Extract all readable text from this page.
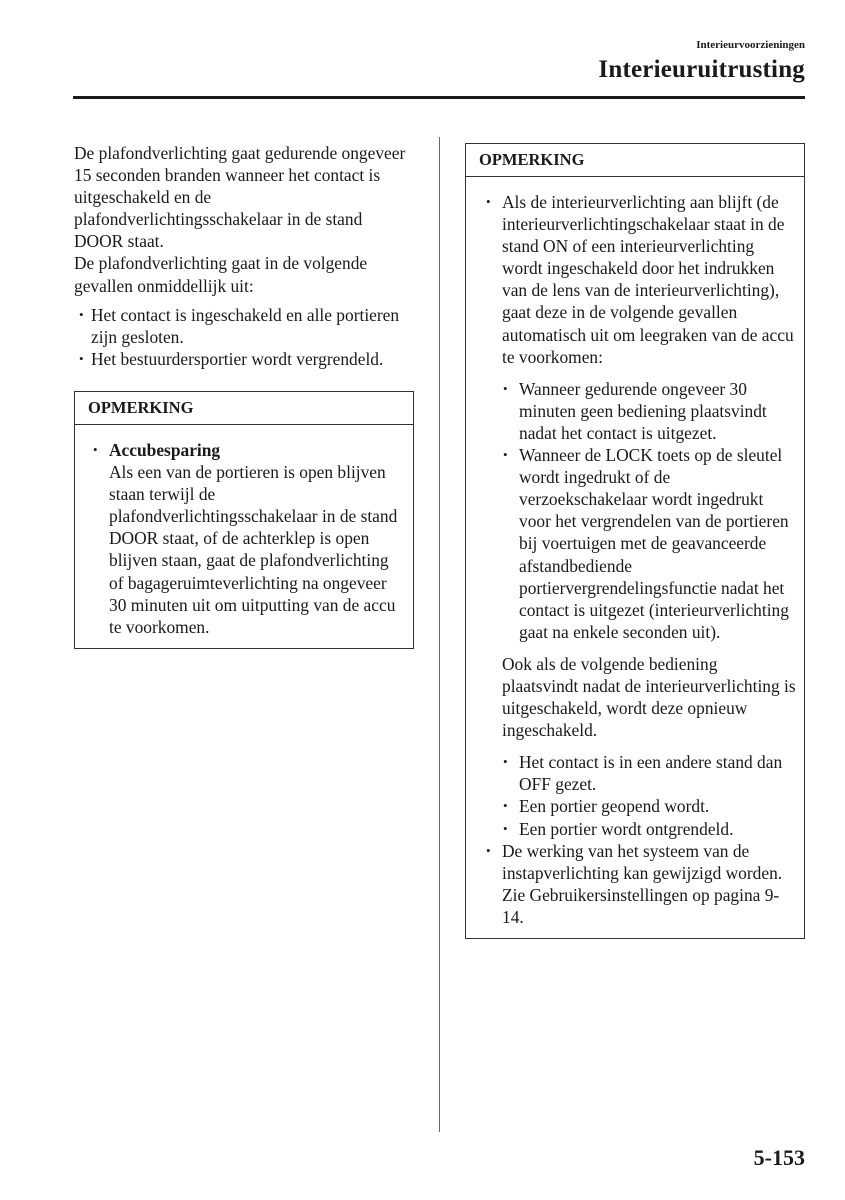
Interieurvoorzieningen
Interieuruitrusting

De plafondverlichting gaat gedurende ongeveer 15 seconden branden wanneer het contact is uitgeschakeld en de plafondverlichtingsschakelaar in de stand DOOR staat.

De plafondverlichting gaat in de volgende gevallen onmiddellijk uit:

• Het contact is ingeschakeld en alle portieren zijn gesloten.
• Het bestuurdersportier wordt vergrendeld.
OPMERKING
• Accubesparing
Als een van de portieren is open blijven staan terwijl de plafondverlichtingsschakelaar in de stand DOOR staat, of de achterklep is open blijven staan, gaat de plafondverlichting of bagageruimteverlichting na ongeveer 30 minuten uit om uitputting van de accu te voorkomen.
OPMERKING
• Als de interieurverlichting aan blijft (de interieurverlichtingschakelaar staat in de stand ON of een interieurverlichting wordt ingeschakeld door het indrukken van de lens van de interieurverlichting), gaat deze in de volgende gevallen automatisch uit om leegraken van de accu te voorkomen:
• Wanneer gedurende ongeveer 30 minuten geen bediening plaatsvindt nadat het contact is uitgezet.
• Wanneer de LOCK toets op de sleutel wordt ingedrukt of de verzoekschakelaar wordt ingedrukt voor het vergrendelen van de portieren bij voertuigen met de geavanceerde afstandbediende portiervergrendelingsfunctie nadat het contact is uitgezet (interieurverlichting gaat na enkele seconden uit).

Ook als de volgende bediening plaatsvindt nadat de interieurverlichting is uitgeschakeld, wordt deze opnieuw ingeschakeld.

• Het contact is in een andere stand dan OFF gezet.
• Een portier geopend wordt.
• Een portier wordt ontgrendeld.
• De werking van het systeem van de instapverlichting kan gewijzigd worden.
Zie Gebruikersinstellingen op pagina 9-14.
5-153
